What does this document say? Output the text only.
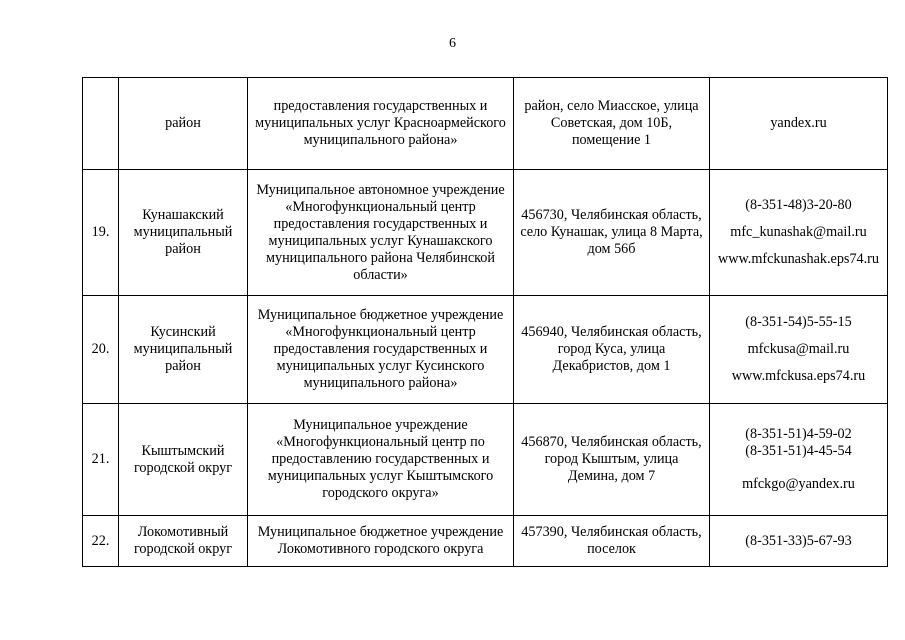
6
	район	предоставления государственных и муниципальных услуг Красноармейского муниципального района»	район, село Миасское, улица Советская, дом 10Б, помещение 1	yandex.ru

19.	Кунашакский муниципальный район	Муниципальное автономное учреждение «Многофункциональный центр предоставления государственных и муниципальных услуг Кунашакского муниципального района Челябинской области»	456730, Челябинская область, село Кунашак, улица 8 Марта, дом 56б	(8-351-48)3-20-80
mfc_kunashak@mail.ru
www.mfckunashak.eps74.ru

20.	Кусинский муниципальный район	Муниципальное бюджетное учреждение «Многофункциональный центр предоставления государственных и муниципальных услуг Кусинского муниципального района»	456940, Челябинская область, город Куса, улица Декабристов, дом 1	(8-351-54)5-55-15
mfckusa@mail.ru
www.mfckusa.eps74.ru

21.	Кыштымский городской округ	Муниципальное учреждение «Многофункциональный центр по предоставлению государственных и муниципальных услуг Кыштымского городского округа»	456870, Челябинская область, город Кыштым, улица Демина, дом 7	(8-351-51)4-59-02
(8-351-51)4-45-54
mfckgo@yandex.ru

22.	Локомотивный городской округ	Муниципальное бюджетное учреждение Локомотивного городского округа	457390, Челябинская область, поселок	(8-351-33)5-67-93
